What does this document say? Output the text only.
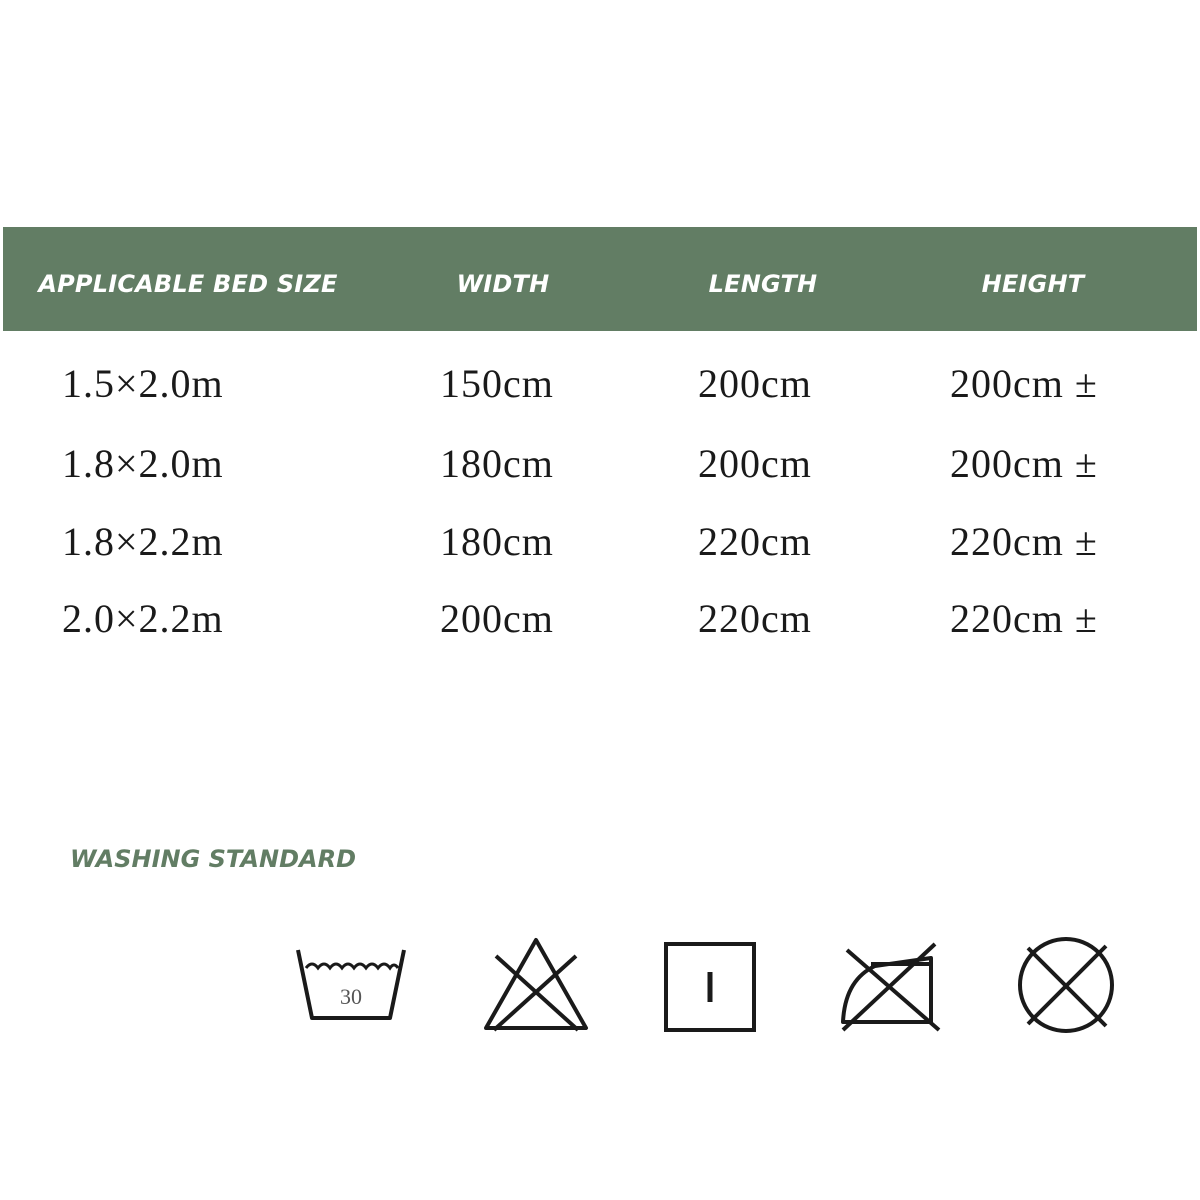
APPLICABLE BED SIZE	WIDTH	LENGTH	HEIGHT
1.5×2.0m	150cm	200cm	200cm ±
1.8×2.0m	180cm	200cm	200cm ±
1.8×2.2m	180cm	220cm	220cm ±
2.0×2.2m	200cm	220cm	220cm ±
WASHING STANDARD
30
